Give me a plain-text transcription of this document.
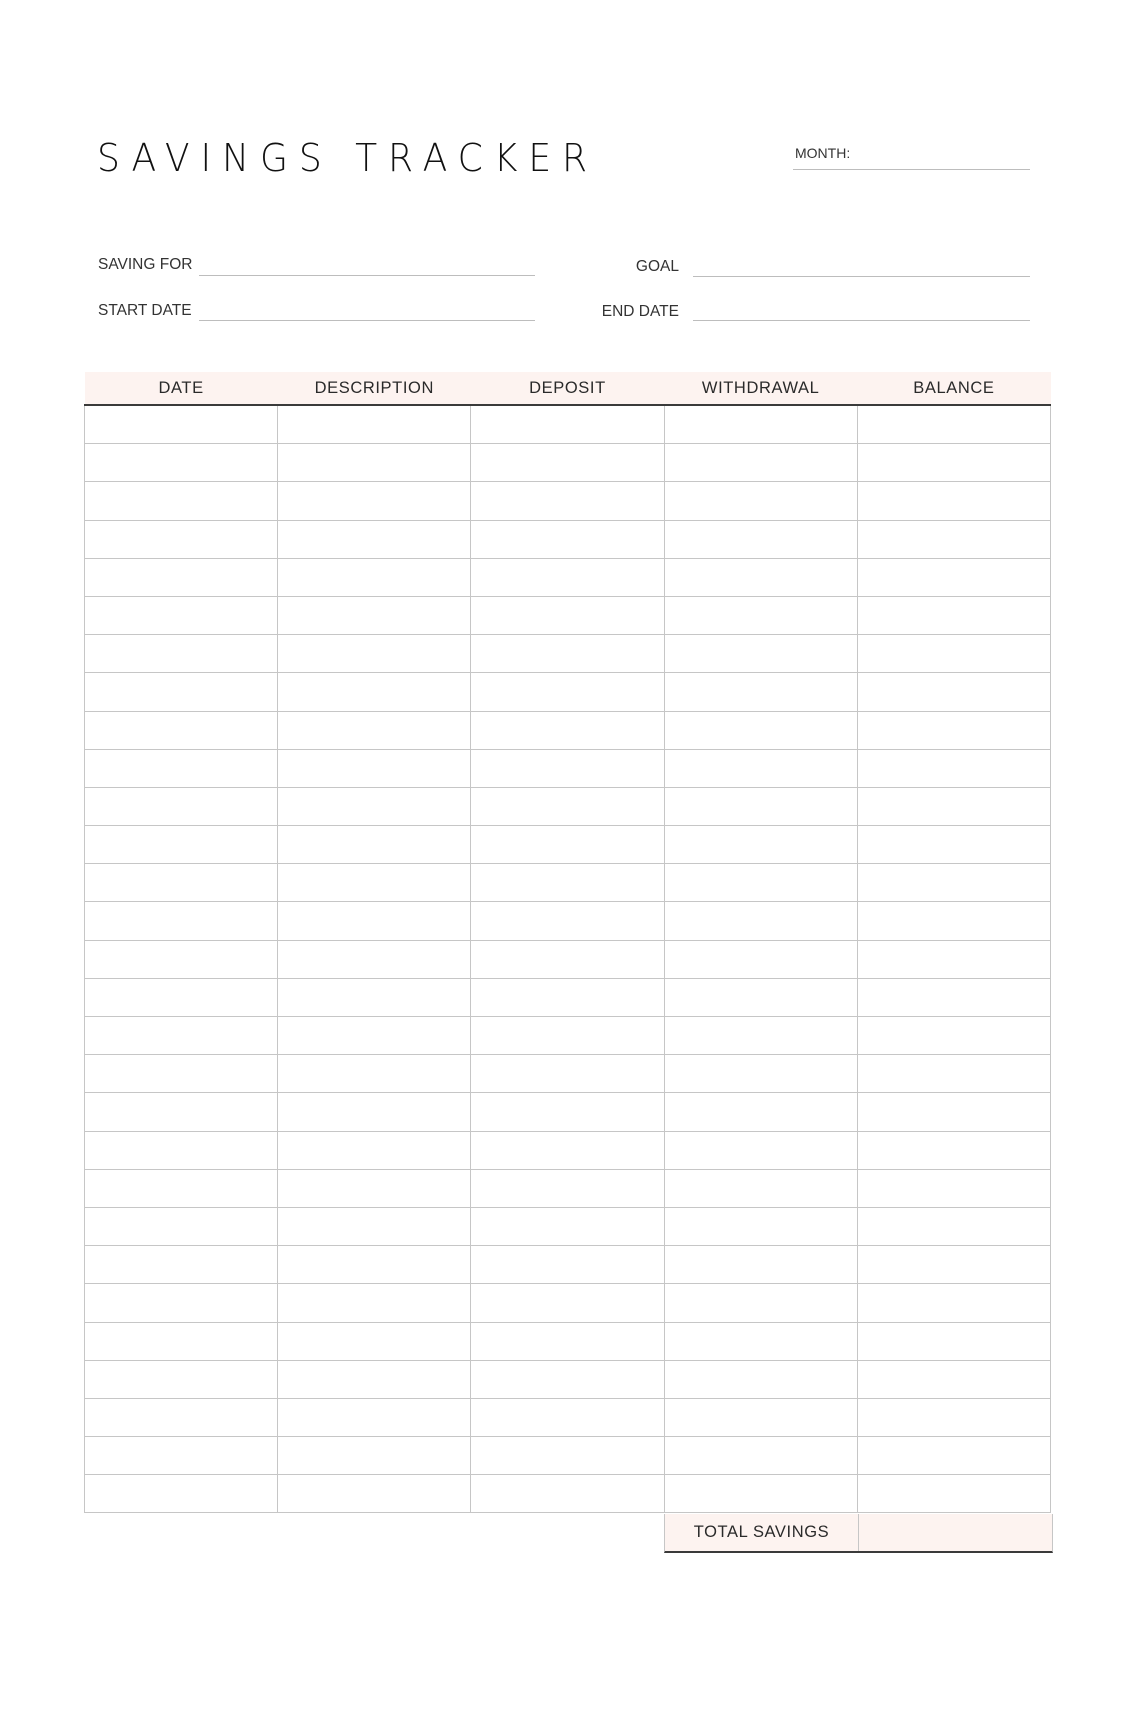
SAVINGS TRACKER	MONTH:
SAVING FOR	GOAL
START DATE	END DATE
DATE	DESCRIPTION	DEPOSIT	WITHDRAWAL	BALANCE

TOTAL SAVINGS
